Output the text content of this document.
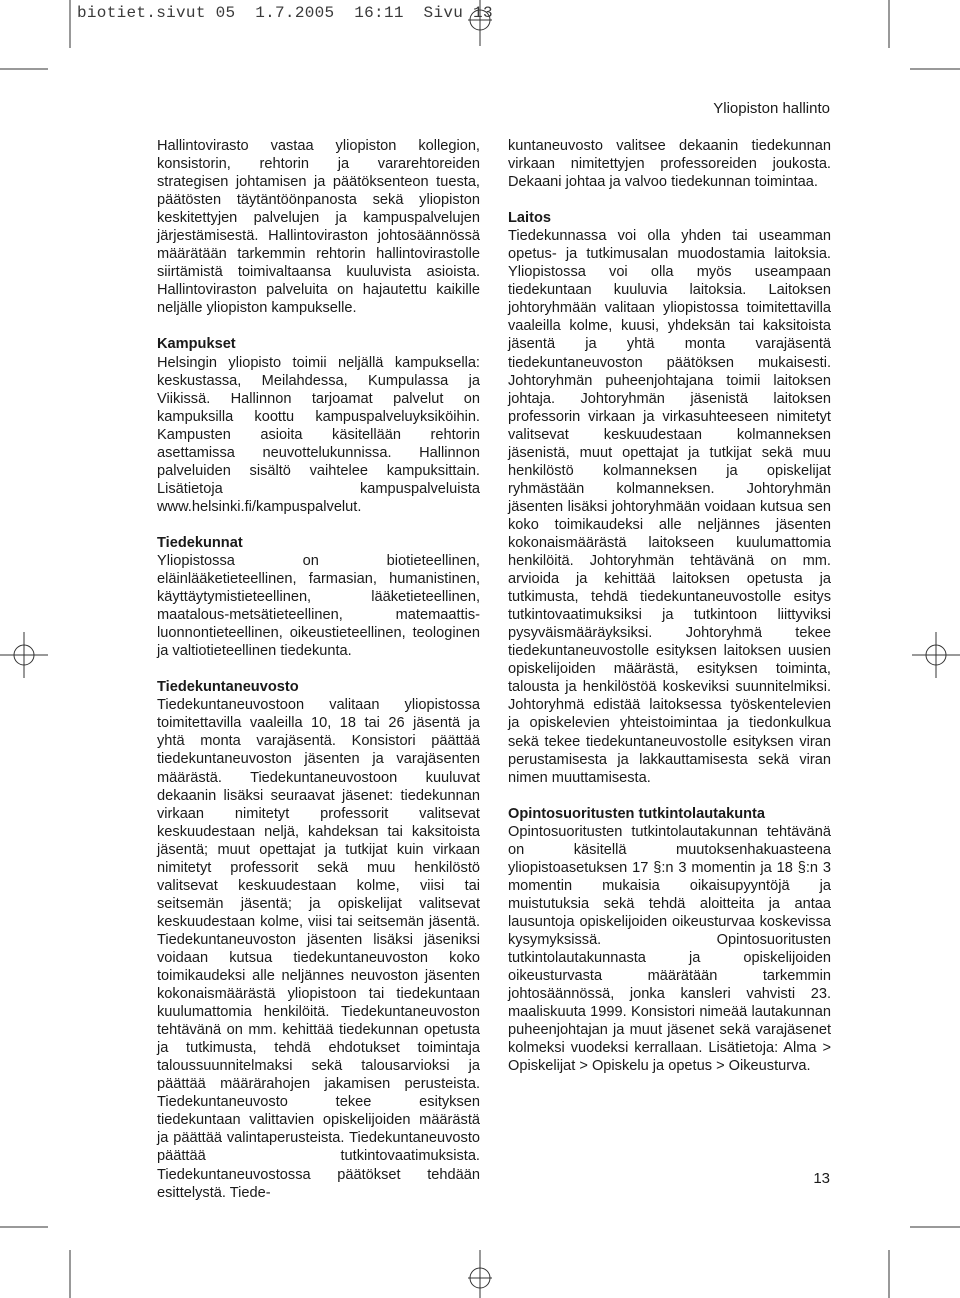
biotiet.sivut 05  1.7.2005  16:11  Sivu 13
Yliopiston hallinto

Hallintovirasto vastaa yliopiston kollegion, konsistorin, rehtorin ja vararehtoreiden strategisen johtamisen ja päätöksenteon tuesta, päätösten täytäntöönpanosta sekä yliopiston keskitettyjen palvelujen ja kampuspalvelujen järjestämisestä. Hallintoviraston johtosäännössä määrätään tarkemmin rehtorin hallintovirastolle siirtämistä toimivaltaansa kuuluvista asioista. Hallintoviraston palveluita on hajautettu kaikille neljälle yliopiston kampukselle.

Kampukset

Helsingin yliopisto toimii neljällä kampuksella: keskustassa, Meilahdessa, Kumpulassa ja Viikissä. Hallinnon tarjoamat palvelut on kampuksilla koottu kampuspalveluyksiköihin. Kampusten asioita käsitellään rehtorin asettamissa neuvottelukunnissa. Hallinnon palveluiden sisältö vaihtelee kampuksittain. Lisätietoja kampuspalveluista www.helsinki.fi/kampuspalvelut.

Tiedekunnat

Yliopistossa on biotieteellinen, eläinlääketieteellinen, farmasian, humanistinen, käyttäytymistieteellinen, lääketieteellinen, maatalous-metsätieteellinen, matemaattis-luonnontieteellinen, oikeustieteellinen, teologinen ja valtiotieteellinen tiedekunta.

Tiedekuntaneuvosto

Tiedekuntaneuvostoon valitaan yliopistossa toimitettavilla vaaleilla 10, 18 tai 26 jäsentä ja yhtä monta varajäsentä. Konsistori päättää tiedekuntaneuvoston jäsenten ja varajäsenten määrästä. Tiedekuntaneuvostoon kuuluvat dekaanin lisäksi seuraavat jäsenet: tiedekunnan virkaan nimitetyt professorit valitsevat keskuudestaan neljä, kahdeksan tai kaksitoista jäsentä; muut opettajat ja tutkijat kuin virkaan nimitetyt professorit sekä muu henkilöstö valitsevat keskuudestaan kolme, viisi tai seitsemän jäsentä; ja opiskelijat valitsevat keskuudestaan kolme, viisi tai seitsemän jäsentä. Tiedekuntaneuvoston jäsenten lisäksi jäseniksi voidaan kutsua tiedekuntaneuvoston koko toimikaudeksi alle neljännes neuvoston jäsenten kokonaismäärästä yliopistoon tai tiedekuntaan kuulumattomia henkilöitä. Tiedekuntaneuvoston tehtävänä on mm. kehittää tiedekunnan opetusta ja tutkimusta, tehdä ehdotukset toimintaja taloussuunnitelmaksi sekä talousarvioksi ja päättää määrärahojen jakamisen perusteista. Tiedekuntaneuvosto tekee esityksen tiedekuntaan valittavien opiskelijoiden määrästä ja päättää valintaperusteista. Tiedekuntaneuvosto päättää tutkintovaatimuksista. Tiedekuntaneuvostossa päätökset tehdään esittelystä. Tiede-

kuntaneuvosto valitsee dekaanin tiedekunnan virkaan nimitettyjen professoreiden joukosta. Dekaani johtaa ja valvoo tiedekunnan toimintaa.

Laitos

Tiedekunnassa voi olla yhden tai useamman opetus- ja tutkimusalan muodostamia laitoksia. Yliopistossa voi olla myös useampaan tiedekuntaan kuuluvia laitoksia. Laitoksen johtoryhmään valitaan yliopistossa toimitettavilla vaaleilla kolme, kuusi, yhdeksän tai kaksitoista jäsentä ja yhtä monta varajäsentä tiedekuntaneuvoston päätöksen mukaisesti. Johtoryhmän puheenjohtajana toimii laitoksen johtaja. Johtoryhmän jäsenistä laitoksen professorin virkaan ja virkasuhteeseen nimitetyt valitsevat keskuudestaan kolmanneksen jäsenistä, muut opettajat ja tutkijat sekä muu henkilöstö kolmanneksen ja opiskelijat ryhmästään kolmanneksen. Johtoryhmän jäsenten lisäksi johtoryhmään voidaan kutsua sen koko toimikaudeksi alle neljännes jäsenten kokonaismäärästä laitokseen kuulumattomia henkilöitä. Johtoryhmän tehtävänä on mm. arvioida ja kehittää laitoksen opetusta ja tutkimusta, tehdä tiedekuntaneuvostolle esitys tutkintovaatimuksiksi ja tutkintoon liittyviksi pysyväismääräyksiksi. Johtoryhmä tekee tiedekuntaneuvostolle esityksen laitoksen uusien opiskelijoiden määrästä, esityksen toiminta, talousta ja henkilöstöä koskeviksi suunnitelmiksi. Johtoryhmä edistää laitoksessa työskentelevien ja opiskelevien yhteistoimintaa ja tiedonkulkua sekä tekee tiedekuntaneuvostolle esityksen viran perustamisesta ja lakkauttamisesta sekä viran nimen muuttamisesta.

Opintosuoritusten tutkintolautakunta

Opintosuoritusten tutkintolautakunnan tehtävänä on käsitellä muutoksenhakuasteena yliopistoasetuksen 17 §:n 3 momentin ja 18 §:n 3 momentin mukaisia oikaisupyyntöjä ja muistutuksia sekä tehdä aloitteita ja antaa lausuntoja opiskelijoiden oikeusturvaa koskevissa kysymyksissä. Opintosuoritusten tutkintolautakunnasta ja opiskelijoiden oikeusturvasta määrätään tarkemmin johtosäännössä, jonka kansleri vahvisti 23. maaliskuuta 1999. Konsistori nimeää lautakunnan puheenjohtajan ja muut jäsenet sekä varajäsenet kolmeksi vuodeksi kerrallaan. Lisätietoja: Alma > Opiskelijat > Opiskelu ja opetus > Oikeusturva.

13
